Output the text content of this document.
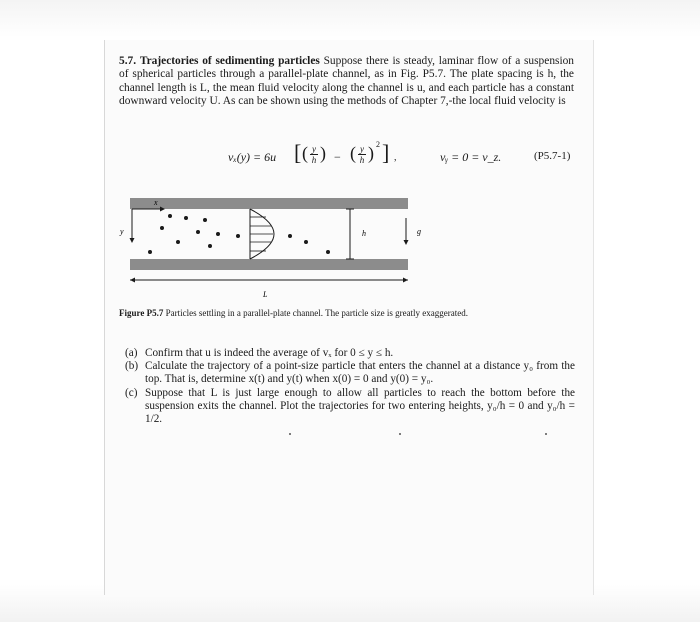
5.7. Trajectories of sedimenting particles Suppose there is steady, laminar flow of a suspension of spherical particles through a parallel-plate channel, as in Fig. P5.7. The plate spacing is h, the channel length is L, the mean fluid velocity along the channel is u, and each particle has a constant downward velocity U. As can be shown using the methods of Chapter 7,-the local fluid velocity is
vₓ(y) = 6u [ ( $\frac{y}{h}$ ) − ( $\frac{y}{h}$ ) 2 ] ,	vᵧ = 0 = v_z.	(P5.7-1)
x
y	h	g
L
Figure P5.7 Particles settling in a parallel-plate channel. The particle size is greatly exaggerated.
(a) Confirm that u is indeed the average of vₓ for 0 ≤ y ≤ h.
(b) Calculate the trajectory of a point-size particle that enters the channel at a distance y₀ from the top. That is, determine x(t) and y(t) when x(0) = 0 and y(0) = y₀.
(c) Suppose that L is just large enough to allow all particles to reach the bottom before the suspension exits the channel. Plot the trajectories for two entering heights, y₀/h = 0 and y₀/h = 1/2.
